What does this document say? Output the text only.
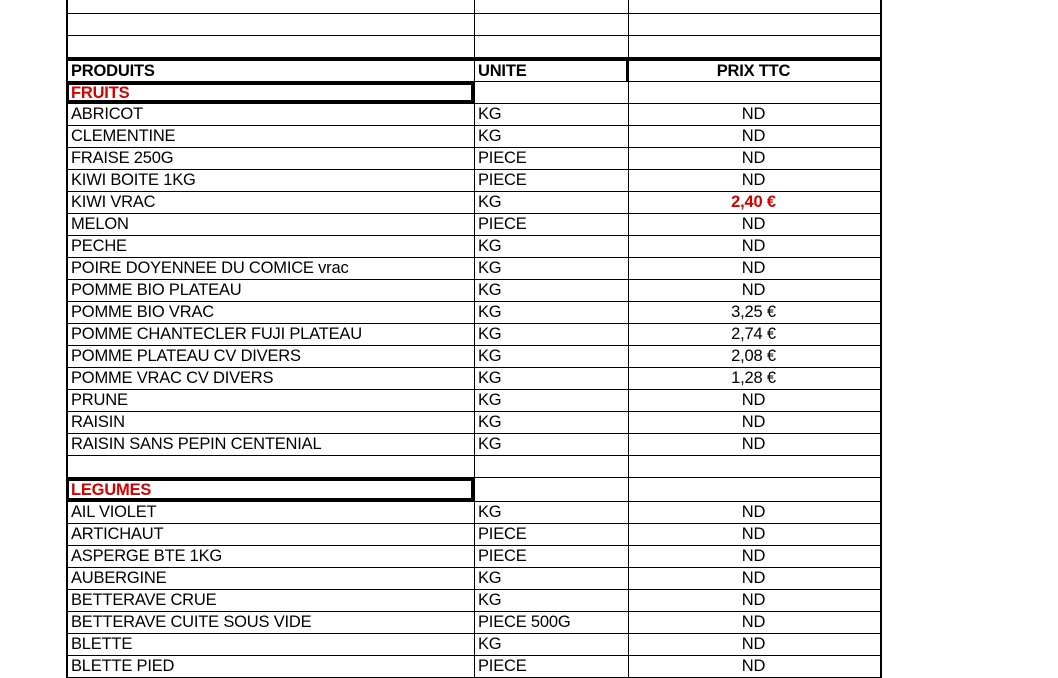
PRODUITS	UNITE	PRIX TTC
FRUITS
ABRICOT	KG	ND
CLEMENTINE	KG	ND
FRAISE 250G	PIECE	ND
KIWI BOITE 1KG	PIECE	ND
KIWI VRAC	KG	2,40 €
MELON	PIECE	ND
PECHE	KG	ND
POIRE DOYENNEE DU COMICE vrac	KG	ND
POMME BIO PLATEAU	KG	ND
POMME BIO VRAC	KG	3,25 €
POMME CHANTECLER FUJI PLATEAU	KG	2,74 €
POMME PLATEAU CV DIVERS	KG	2,08 €
POMME VRAC CV DIVERS	KG	1,28 €
PRUNE	KG	ND
RAISIN	KG	ND
RAISIN SANS PEPIN CENTENIAL	KG	ND
LEGUMES
AIL VIOLET	KG	ND
ARTICHAUT	PIECE	ND
ASPERGE BTE 1KG	PIECE	ND
AUBERGINE	KG	ND
BETTERAVE CRUE	KG	ND
BETTERAVE CUITE SOUS VIDE	PIECE 500G	ND
BLETTE	KG	ND
BLETTE PIED	PIECE	ND
